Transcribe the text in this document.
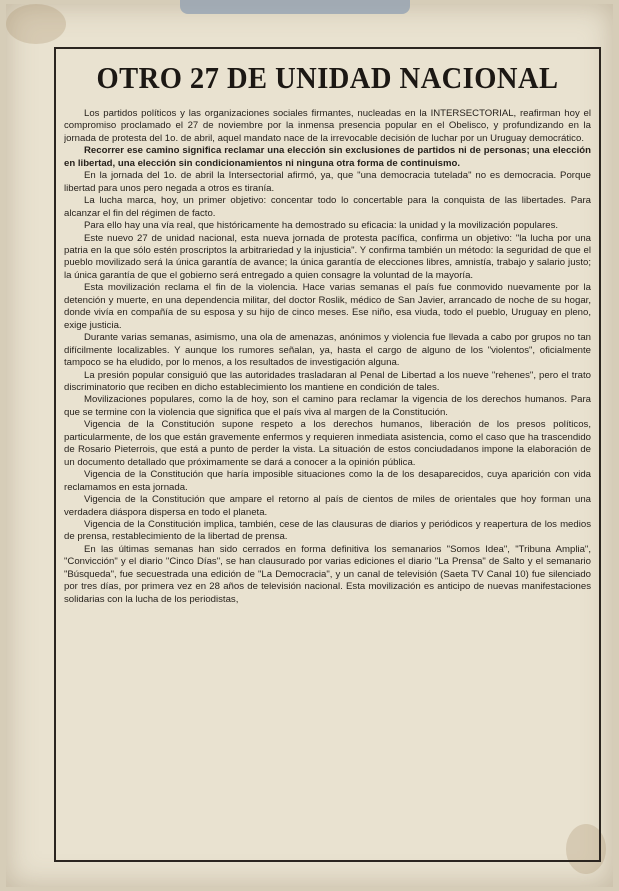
OTRO 27 DE UNIDAD NACIONAL

Los partidos políticos y las organizaciones sociales firmantes, nucleadas en la INTERSECTORIAL, reafirman hoy el compromiso proclamado el 27 de noviembre por la inmensa presencia popular en el Obelisco, y profundizando en la jornada de protesta del 1o. de abril, aquel mandato nace de la irrevocable decisión de luchar por un Uruguay democrático.

Recorrer ese camino significa reclamar una elección sin exclusiones de partidos ni de personas; una elección en libertad, una elección sin condicionamientos ni ninguna otra forma de continuismo.

En la jornada del 1o. de abril la Intersectorial afirmó, ya, que "una democracia tutelada" no es democracia. Porque libertad para unos pero negada a otros es tiranía.

La lucha marca, hoy, un primer objetivo: concentar todo lo concertable para la conquista de las libertades. Para alcanzar el fin del régimen de facto.

Para ello hay una vía real, que históricamente ha demostrado su eficacia: la unidad y la movilización populares.

Este nuevo 27 de unidad nacional, esta nueva jornada de protesta pacífica, confirma un objetivo: "la lucha por una patria en la que sólo estén proscriptos la arbitrariedad y la injusticia". Y confirma también un método: la seguridad de que el pueblo movilizado será la única garantía de avance; la única garantía de elecciones libres, amnistía, trabajo y salario justo; la única garantía de que el gobierno será entregado a quien consagre la voluntad de la mayoría.

Esta movilización reclama el fin de la violencia. Hace varias semanas el país fue conmovido nuevamente por la detención y muerte, en una dependencia militar, del doctor Roslik, médico de San Javier, arrancado de noche de su hogar, donde vivía en compañía de su esposa y su hijo de cinco meses. Ese niño, esa viuda, todo el pueblo, Uruguay en pleno, exige justicia.

Durante varias semanas, asimismo, una ola de amenazas, anónimos y violencia fue llevada a cabo por grupos no tan difícilmente localizables. Y aunque los rumores señalan, ya, hasta el cargo de alguno de los "violentos", oficialmente tampoco se ha eludido, por lo menos, a los resultados de investigación alguna.

La presión popular consiguió que las autoridades trasladaran al Penal de Libertad a los nueve "rehenes", pero el trato discriminatorio que reciben en dicho establecimiento los mantiene en condición de tales.

Movilizaciones populares, como la de hoy, son el camino para reclamar la vigencia de los derechos humanos. Para que se termine con la violencia que significa que el país viva al margen de la Constitución.

Vigencia de la Constitución supone respeto a los derechos humanos, liberación de los presos políticos, particularmente, de los que están gravemente enfermos y requieren inmediata asistencia, como el caso que ha trascendido de Rosario Pieterrois, que está a punto de perder la vista. La situación de estos conciudadanos impone la elaboración de un documento detallado que próximamente se dará a conocer a la opinión pública.

Vigencia de la Constitución que haría imposible situaciones como la de los desaparecidos, cuya aparición con vida reclamamos en esta jornada.

Vigencia de la Constitución que ampare el retorno al país de cientos de miles de orientales que hoy forman una verdadera diáspora dispersa en todo el planeta.

Vigencia de la Constitución implica, también, cese de las clausuras de diarios y periódicos y reapertura de los medios de prensa, restablecimiento de la libertad de prensa.

En las últimas semanas han sido cerrados en forma definitiva los semanarios "Somos Idea", "Tribuna Amplia", "Convicción" y el diario "Cinco Días", se han clausurado por varias ediciones el diario "La Prensa" de Salto y el semanario "Búsqueda", fue secuestrada una edición de "La Democracia", y un canal de televisión (Saeta TV Canal 10) fue silenciado por tres días, por primera vez en 28 años de televisión nacional. Esta movilización es anticipo de nuevas manifestaciones solidarias con la lucha de los periodistas,
